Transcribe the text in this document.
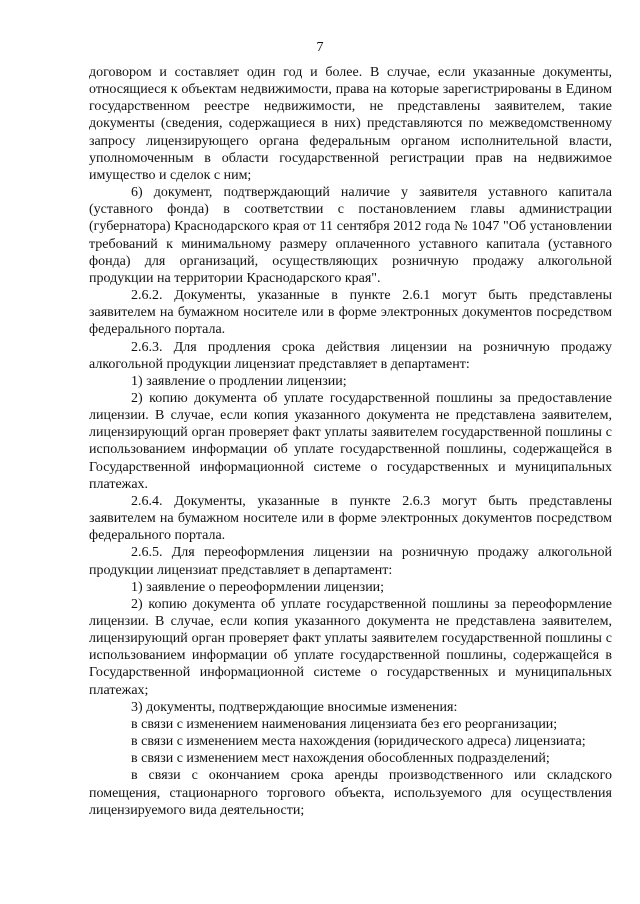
7

договором и составляет один год и более. В случае, если указанные документы, относящиеся к объектам недвижимости, права на которые зарегистрированы в Едином государственном реестре недвижимости, не представлены заявителем, такие документы (сведения, содержащиеся в них) представляются по межведомственному запросу лицензирующего органа федеральным органом исполнительной власти, уполномоченным в области государственной регистрации прав на недвижимое имущество и сделок с ним;

6) документ, подтверждающий наличие у заявителя уставного капитала (уставного фонда) в соответствии с постановлением главы администрации (губернатора) Краснодарского края от 11 сентября 2012 года № 1047 "Об установлении требований к минимальному размеру оплаченного уставного капитала (уставного фонда) для организаций, осуществляющих розничную продажу алкогольной продукции на территории Краснодарского края".

2.6.2. Документы, указанные в пункте 2.6.1 могут быть представлены заявителем на бумажном носителе или в форме электронных документов посредством федерального портала.

2.6.3. Для продления срока действия лицензии на розничную продажу алкогольной продукции лицензиат представляет в департамент:

1) заявление о продлении лицензии;

2) копию документа об уплате государственной пошлины за предоставление лицензии. В случае, если копия указанного документа не представлена заявителем, лицензирующий орган проверяет факт уплаты заявителем государственной пошлины с использованием информации об уплате государственной пошлины, содержащейся в Государственной информационной системе о государственных и муниципальных платежах.

2.6.4. Документы, указанные в пункте 2.6.3 могут быть представлены заявителем на бумажном носителе или в форме электронных документов посредством федерального портала.

2.6.5. Для переоформления лицензии на розничную продажу алкогольной продукции лицензиат представляет в департамент:

1) заявление о переоформлении лицензии;

2) копию документа об уплате государственной пошлины за переоформление лицензии. В случае, если копия указанного документа не представлена заявителем, лицензирующий орган проверяет факт уплаты заявителем государственной пошлины с использованием информации об уплате государственной пошлины, содержащейся в Государственной информационной системе о государственных и муниципальных платежах;

3) документы, подтверждающие вносимые изменения:

в связи с изменением наименования лицензиата без его реорганизации;

в связи с изменением места нахождения (юридического адреса) лицензиата;

в связи с изменением мест нахождения обособленных подразделений;

в связи с окончанием срока аренды производственного или складского помещения, стационарного торгового объекта, используемого для осуществления лицензируемого вида деятельности;
